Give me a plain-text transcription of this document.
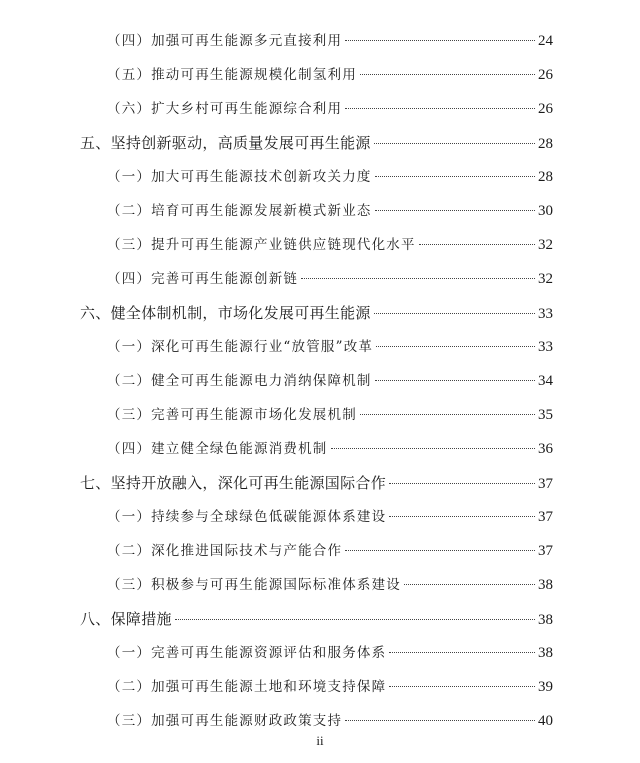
（四） 加强可再生能源多元直接利用	24
（五） 推动可再生能源规模化制氢利用	26
（六） 扩大乡村可再生能源综合利用	26
五、 坚持创新驱动，高质量发展可再生能源	28
（一） 加大可再生能源技术创新攻关力度	28
（二） 培育可再生能源发展新模式新业态	30
（三） 提升可再生能源产业链供应链现代化水平	32
（四） 完善可再生能源创新链	32
六、 健全体制机制，市场化发展可再生能源	33
（一） 深化可再生能源行业“放管服”改革	33
（二） 健全可再生能源电力消纳保障机制	34
（三） 完善可再生能源市场化发展机制	35
（四） 建立健全绿色能源消费机制	36
七、 坚持开放融入，深化可再生能源国际合作	37
（一） 持续参与全球绿色低碳能源体系建设	37
（二） 深化推进国际技术与产能合作	37
（三） 积极参与可再生能源国际标准体系建设	38
八、 保障措施	38
（一） 完善可再生能源资源评估和服务体系	38
（二） 加强可再生能源土地和环境支持保障	39
（三） 加强可再生能源财政政策支持	40
ii
